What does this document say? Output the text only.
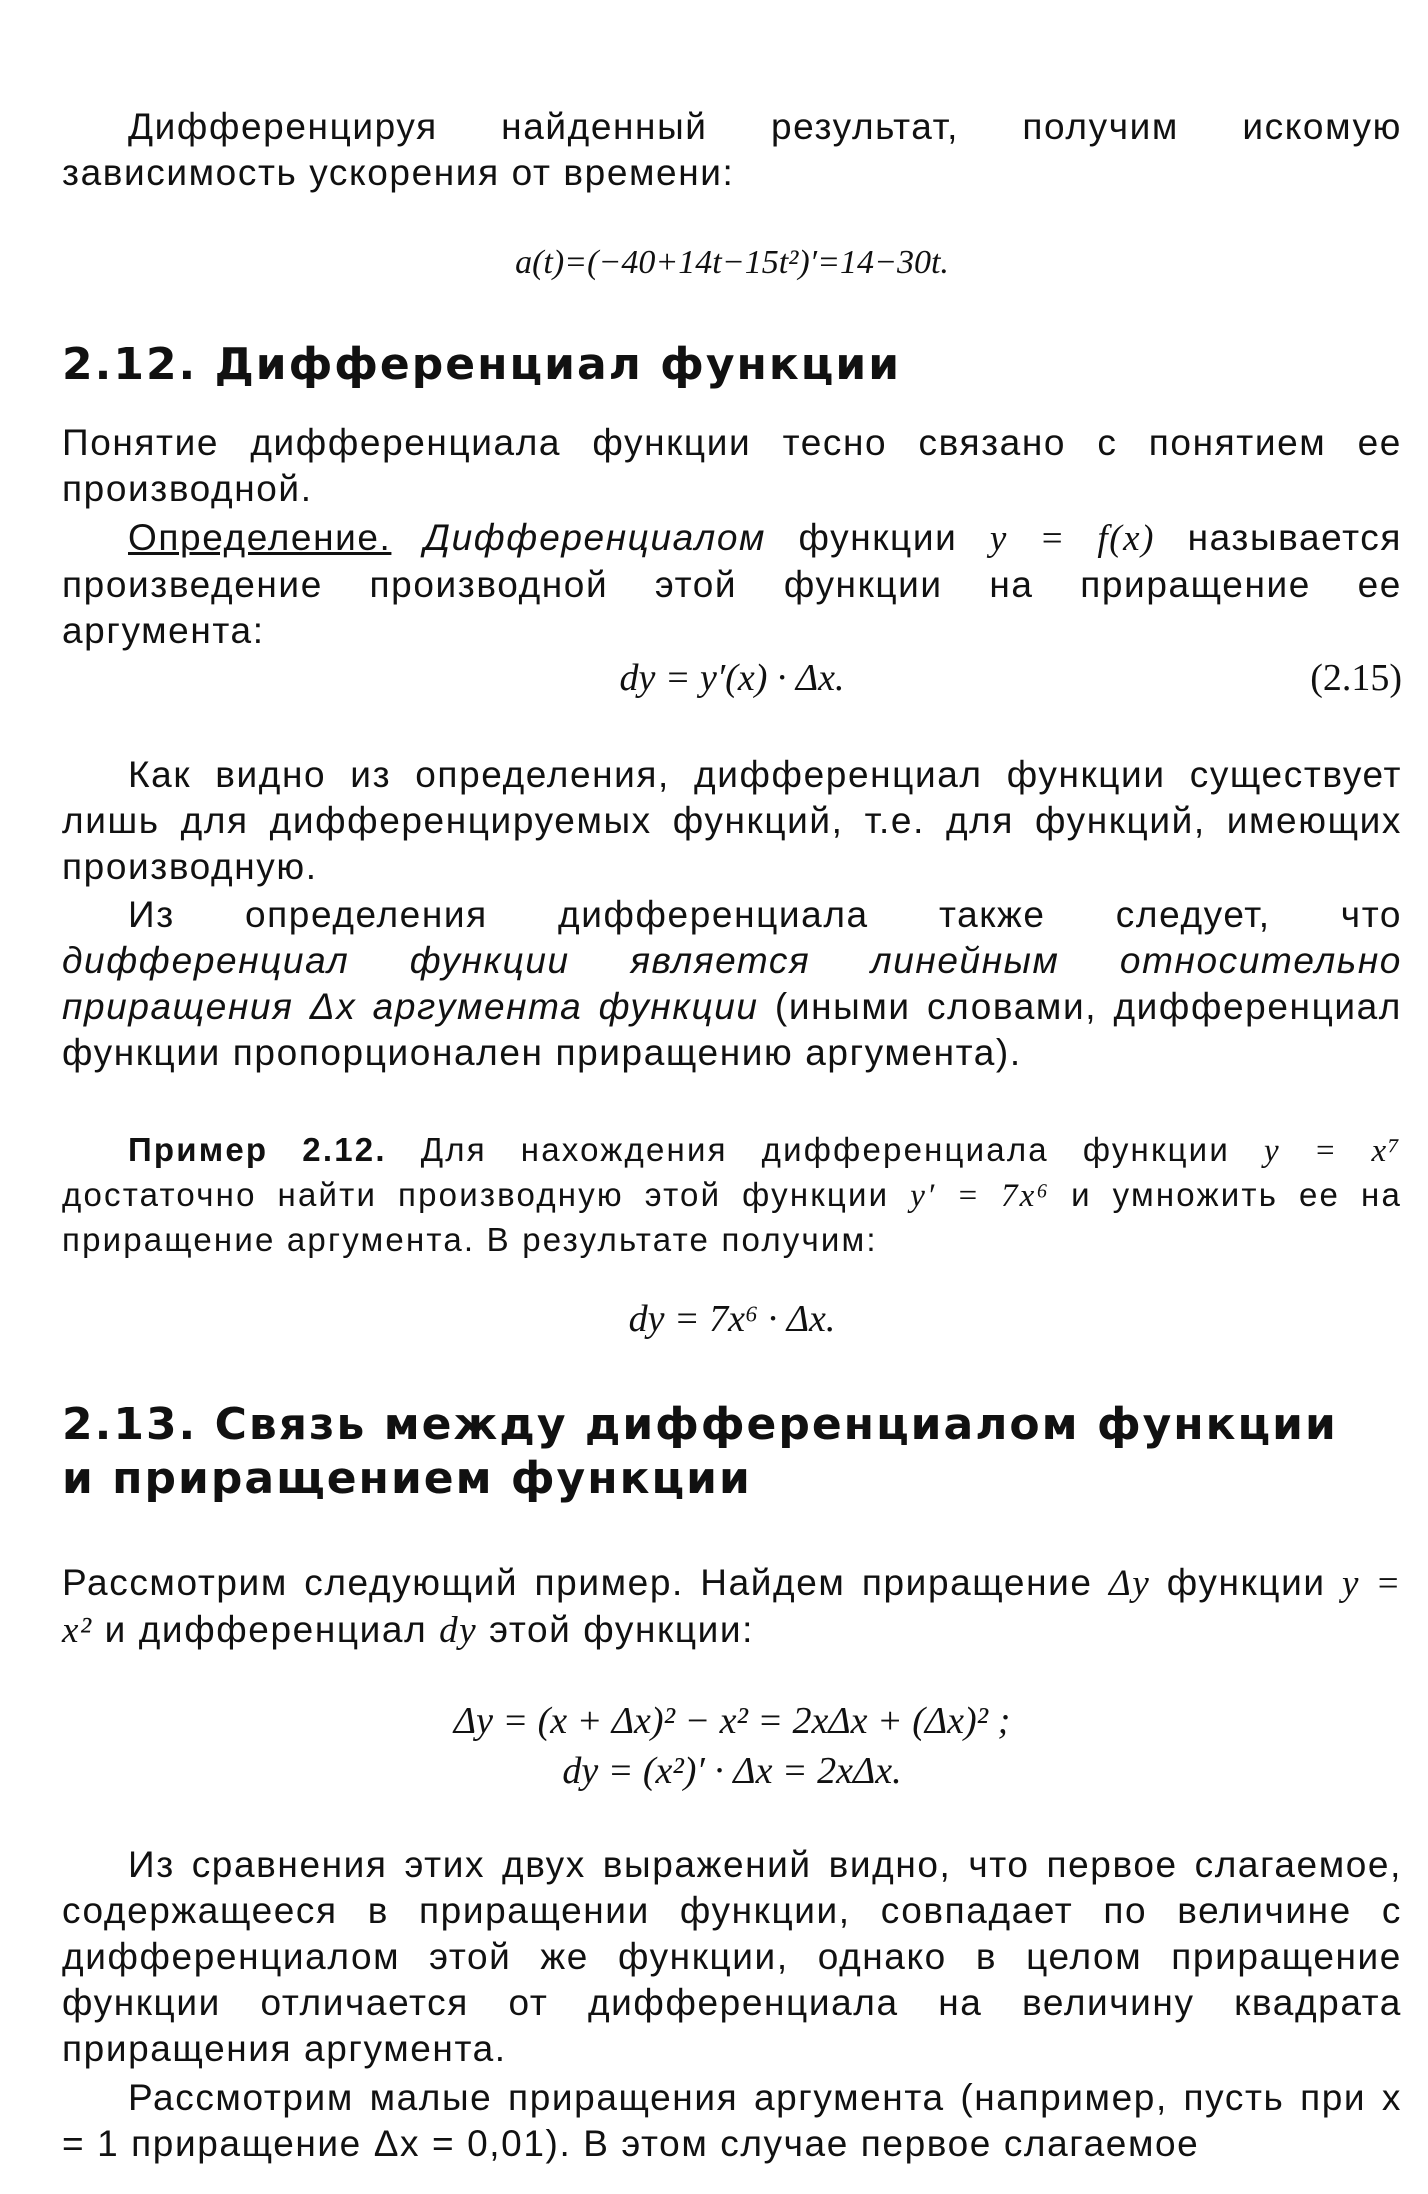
Дифференцируя найденный результат, получим искомую зависимость ускорения от времени:

a(t)=(−40+14t−15t²)′=14−30t.
2.12. Дифференциал функции

Понятие дифференциала функции тесно связано с понятием ее производной.

Определение. Дифференциалом функции y = f(x) называется произведение производной этой функции на приращение ее аргумента:

dy = y′(x) · Δx.	(2.15)

Как видно из определения, дифференциал функции существует лишь для дифференцируемых функций, т.е. для функций, имеющих производную.

Из определения дифференциала также следует, что дифференциал функции является линейным относительно приращения Δx аргумента функции (иными словами, дифференциал функции пропорционален приращению аргумента).

Пример 2.12. Для нахождения дифференциала функции y = x⁷ достаточно найти производную этой функции y′ = 7x⁶ и умножить ее на приращение аргумента. В результате получим:

dy = 7x⁶ · Δx.
2.13. Связь между дифференциалом функции
и приращением функции

Рассмотрим следующий пример. Найдем приращение Δy функции y = x² и дифференциал dy этой функции:

Δy = (x + Δx)² − x² = 2xΔx + (Δx)² ;
dy = (x²)′ · Δx = 2xΔx.

Из сравнения этих двух выражений видно, что первое слагаемое, содержащееся в приращении функции, совпадает по величине с дифференциалом этой же функции, однако в целом приращение функции отличается от дифференциала на величину квадрата приращения аргумента.

Рассмотрим малые приращения аргумента (например, пусть при x = 1 приращение Δx = 0,01). В этом случае первое слагаемое
